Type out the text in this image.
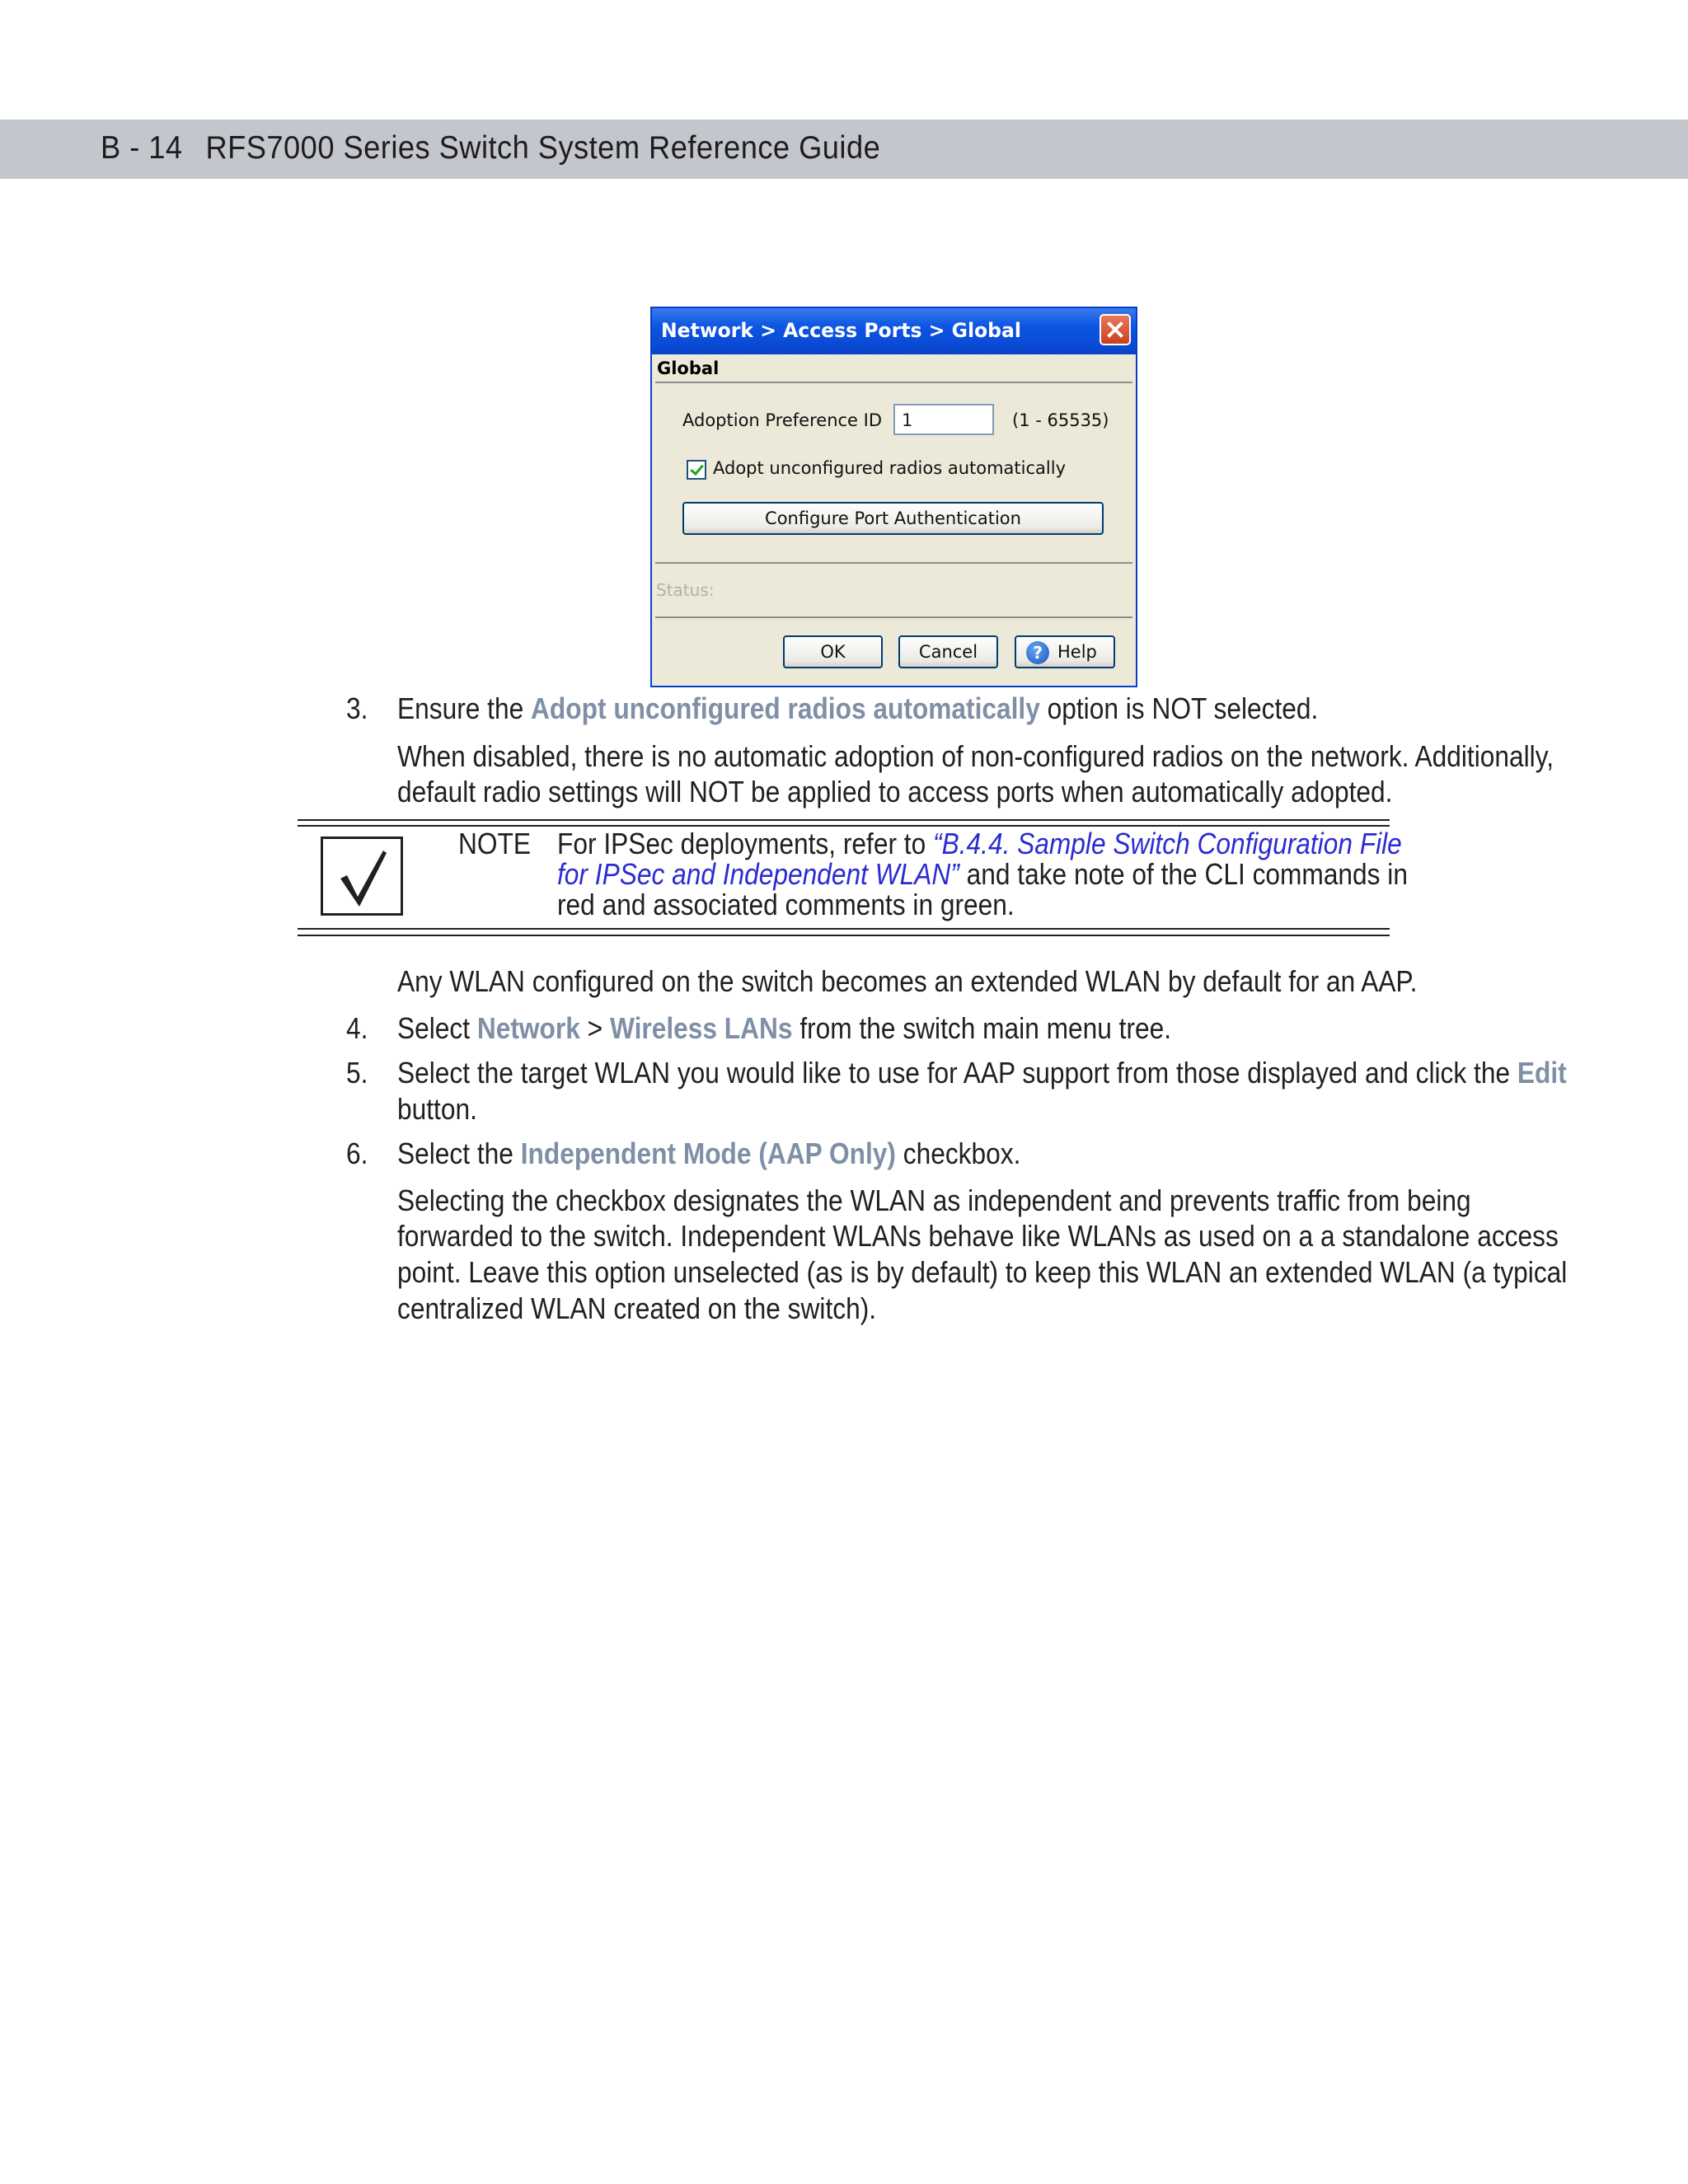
B - 14 RFS7000 Series Switch System Reference Guide
Network > Access Ports > Global
Global
Adoption Preference ID	1	(1 - 65535)
Adopt unconfigured radios automatically
Configure Port Authentication
Status:
OK	Cancel	? Help
3. Ensure the Adopt unconfigured radios automatically option is NOT selected.
When disabled, there is no automatic adoption of non-configured radios on the network. Additionally,
default radio settings will NOT be applied to access ports when automatically adopted.
NOTE For IPSec deployments, refer to “B.4.4. Sample Switch Configuration File
for IPSec and Independent WLAN” and take note of the CLI commands in
red and associated comments in green.
Any WLAN configured on the switch becomes an extended WLAN by default for an AAP.
4. Select Network > Wireless LANs from the switch main menu tree.
5. Select the target WLAN you would like to use for AAP support from those displayed and click the Edit
button.
6. Select the Independent Mode (AAP Only) checkbox.
Selecting the checkbox designates the WLAN as independent and prevents traffic from being
forwarded to the switch. Independent WLANs behave like WLANs as used on a a standalone access
point. Leave this option unselected (as is by default) to keep this WLAN an extended WLAN (a typical
centralized WLAN created on the switch).
